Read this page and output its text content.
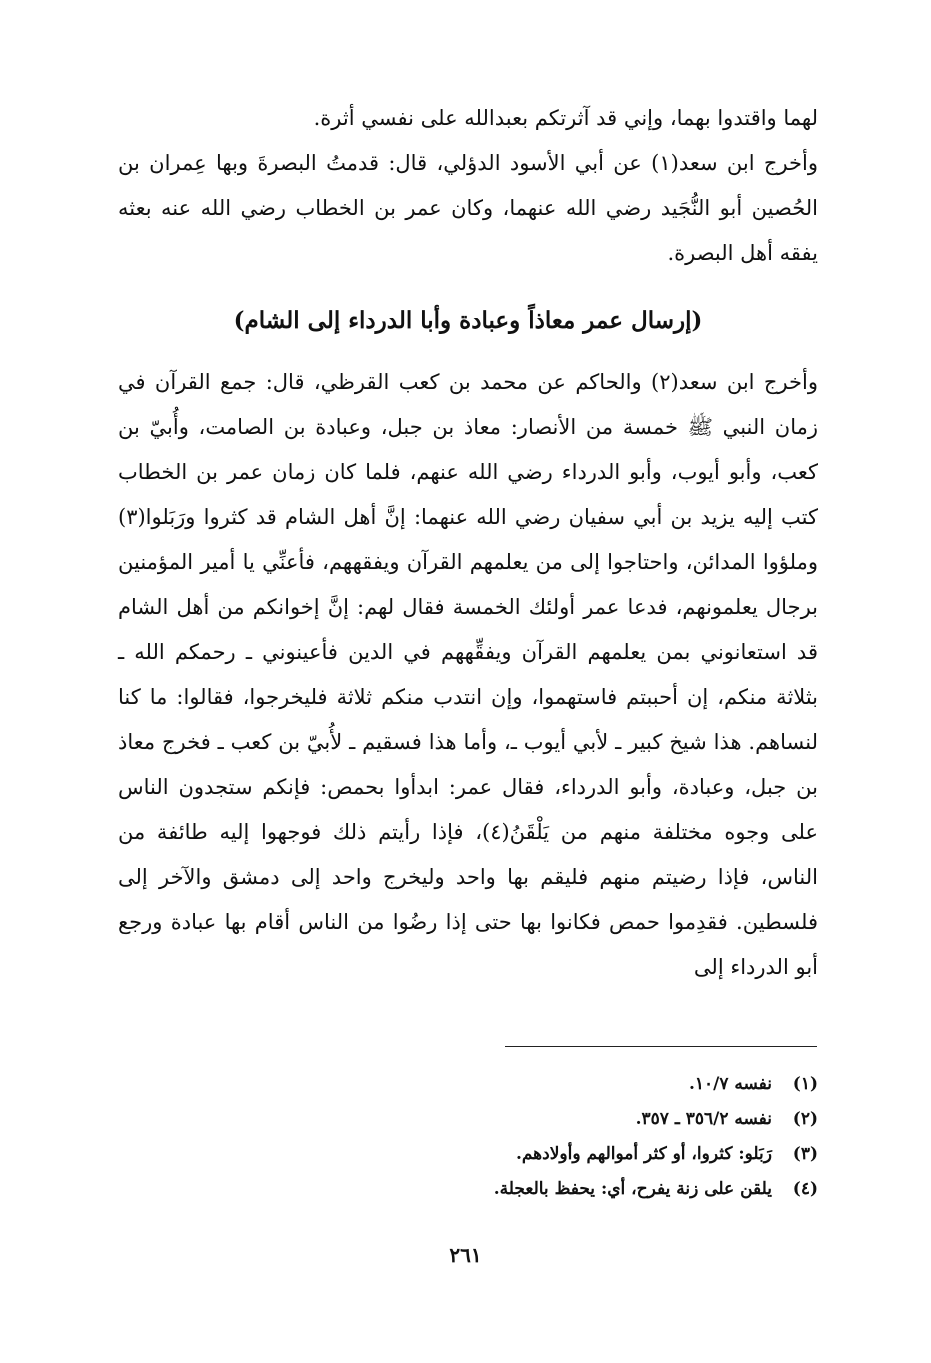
لهما واقتدوا بهما، وإني قد آثرتكم بعبدالله على نفسي أثرة.

وأخرج ابن سعد(١) عن أبي الأسود الدؤلي، قال: قدمتُ البصرةَ وبها عِمران بن الحُصين أبو النُّجَيد رضي الله عنهما، وكان عمر بن الخطاب رضي الله عنه بعثه يفقه أهل البصرة.

(إرسال عمر معاذاً وعبادة وأبا الدرداء إلى الشام)

وأخرج ابن سعد(٢) والحاكم عن محمد بن كعب القرظي، قال: جمع القرآن في زمان النبي ﷺ خمسة من الأنصار: معاذ بن جبل، وعبادة بن الصامت، وأُبيّ بن كعب، وأبو أيوب، وأبو الدرداء رضي الله عنهم، فلما كان زمان عمر بن الخطاب كتب إليه يزيد بن أبي سفيان رضي الله عنهما: إنَّ أهل الشام قد كثروا ورَبَلوا(٣) وملؤوا المدائن، واحتاجوا إلى من يعلمهم القرآن ويفقههم، فأعنِّي يا أمير المؤمنين برجال يعلمونهم، فدعا عمر أولئك الخمسة فقال لهم: إنَّ إخوانكم من أهل الشام قد استعانوني بمن يعلمهم القرآن ويفقِّههم في الدين فأعينوني ـ رحمكم الله ـ بثلاثة منكم، إن أحببتم فاستهموا، وإن انتدب منكم ثلاثة فليخرجوا، فقالوا: ما كنا لنساهم. هذا شيخ كبير ـ لأبي أيوب ـ، وأما هذا فسقيم ـ لأُبيّ بن كعب ـ فخرج معاذ بن جبل، وعبادة، وأبو الدرداء، فقال عمر: ابدأوا بحمص: فإنكم ستجدون الناس على وجوه مختلفة منهم من يَلْقَنُ(٤)، فإذا رأيتم ذلك فوجهوا إليه طائفة من الناس، فإذا رضيتم منهم فليقم بها واحد وليخرج واحد إلى دمشق والآخر إلى فلسطين. فقدِموا حمص فكانوا بها حتى إذا رضُوا من الناس أقام بها عبادة ورجع أبو الدرداء إلى

(١)
نفسه ١٠/٧.
(٢)
نفسه ٣٥٦/٢ ـ ٣٥٧.
(٣)
رَبَلو: كثروا، أو كثر أموالهم وأولادهم.
(٤)
يلقن على زنة يفرح، أي: يحفظ بالعجلة.
٢٦١
